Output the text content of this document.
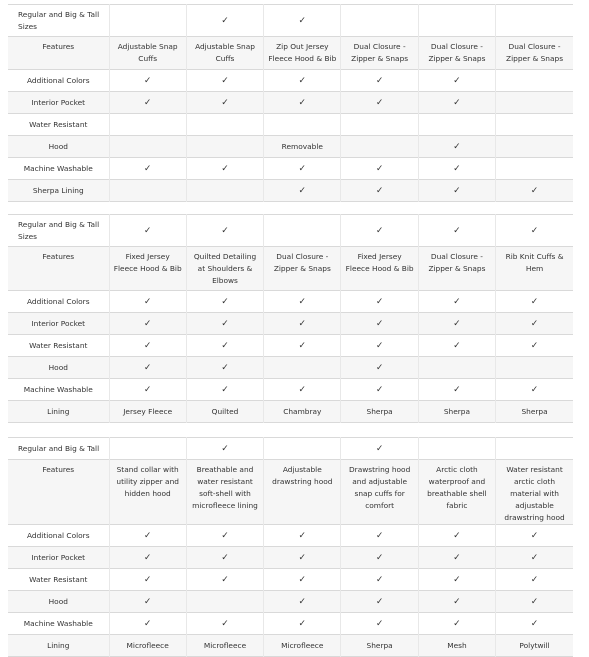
Regular and Big & Tall Sizes		✓	✓			
Features	Adjustable Snap Cuffs	Adjustable Snap Cuffs	Zip Out Jersey Fleece Hood & Bib	Dual Closure - Zipper & Snaps	Dual Closure - Zipper & Snaps	Dual Closure - Zipper & Snaps
Additional Colors	✓	✓	✓	✓	✓	
Interior Pocket	✓	✓	✓	✓	✓	
Water Resistant						
Hood			Removable		✓	
Machine Washable	✓	✓	✓	✓	✓	
Sherpa Lining			✓	✓	✓	✓
Regular and Big & Tall Sizes	✓	✓		✓	✓	✓
Features	Fixed Jersey Fleece Hood & Bib	Quilted Detailing at Shoulders & Elbows	Dual Closure - Zipper & Snaps	Fixed Jersey Fleece Hood & Bib	Dual Closure - Zipper & Snaps	Rib Knit Cuffs & Hem
Additional Colors	✓	✓	✓	✓	✓	✓
Interior Pocket	✓	✓	✓	✓	✓	✓
Water Resistant	✓	✓	✓	✓	✓	✓
Hood	✓	✓		✓		
Machine Washable	✓	✓	✓	✓	✓	✓
Lining	Jersey Fleece	Quilted	Chambray	Sherpa	Sherpa	Sherpa
Regular and Big & Tall		✓		✓		
Features	Stand collar with utility zipper and hidden hood	Breathable and water resistant soft-shell with microfleece lining	Adjustable drawstring hood	Drawstring hood and adjustable snap cuffs for comfort	Arctic cloth waterproof and breathable shell fabric	Water resistant arctic cloth material with adjustable drawstring hood
Additional Colors	✓	✓	✓	✓	✓	✓
Interior Pocket	✓	✓	✓	✓	✓	✓
Water Resistant	✓	✓	✓	✓	✓	✓
Hood	✓		✓	✓	✓	✓
Machine Washable	✓	✓	✓	✓	✓	✓
Lining	Microfleece	Microfleece	Microfleece	Sherpa	Mesh	Polytwill
